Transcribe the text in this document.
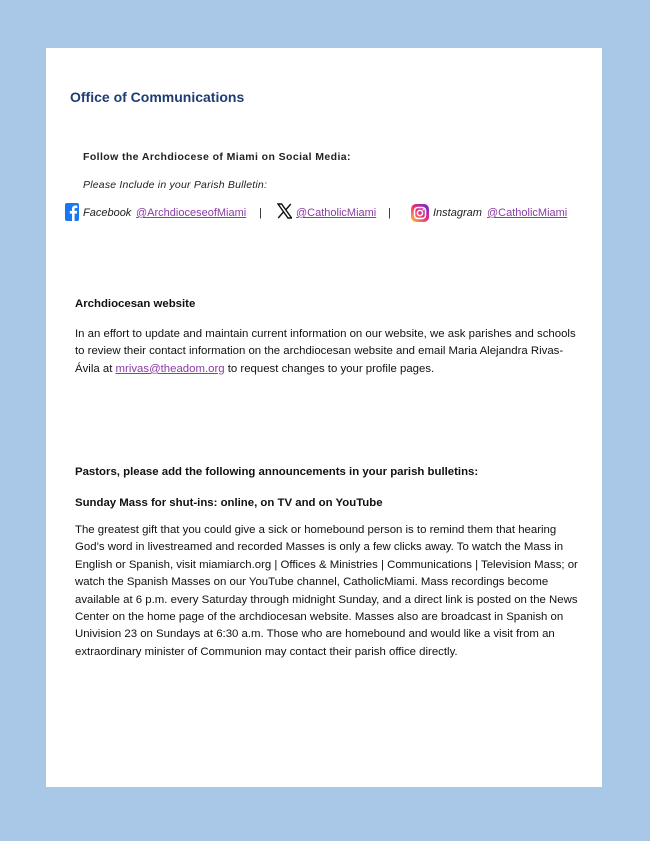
Office of Communications
Follow the Archdiocese of Miami on Social Media:
Please Include in your Parish Bulletin:
Facebook @ArchdioceseofMiami |	@CatholicMiami |	Instagram @CatholicMiami
Archdiocesan website

In an effort to update and maintain current information on our website, we ask parishes and schools to review their contact information on the archdiocesan website and email Maria Alejandra Rivas-Ávila at mrivas@theadom.org to request changes to your profile pages.

Pastors, please add the following announcements in your parish bulletins:
Sunday Mass for shut-ins: online, on TV and on YouTube

The greatest gift that you could give a sick or homebound person is to remind them that hearing God’s word in livestreamed and recorded Masses is only a few clicks away. To watch the Mass in English or Spanish, visit miamiarch.org | Offices & Ministries | Communications | Television Mass; or watch the Spanish Masses on our YouTube channel, CatholicMiami. Mass recordings become available at 6 p.m. every Saturday through midnight Sunday, and a direct link is posted on the News Center on the home page of the archdiocesan website. Masses also are broadcast in Spanish on Univision 23 on Sundays at 6:30 a.m. Those who are homebound and would like a visit from an extraordinary minister of Communion may contact their parish office directly.
